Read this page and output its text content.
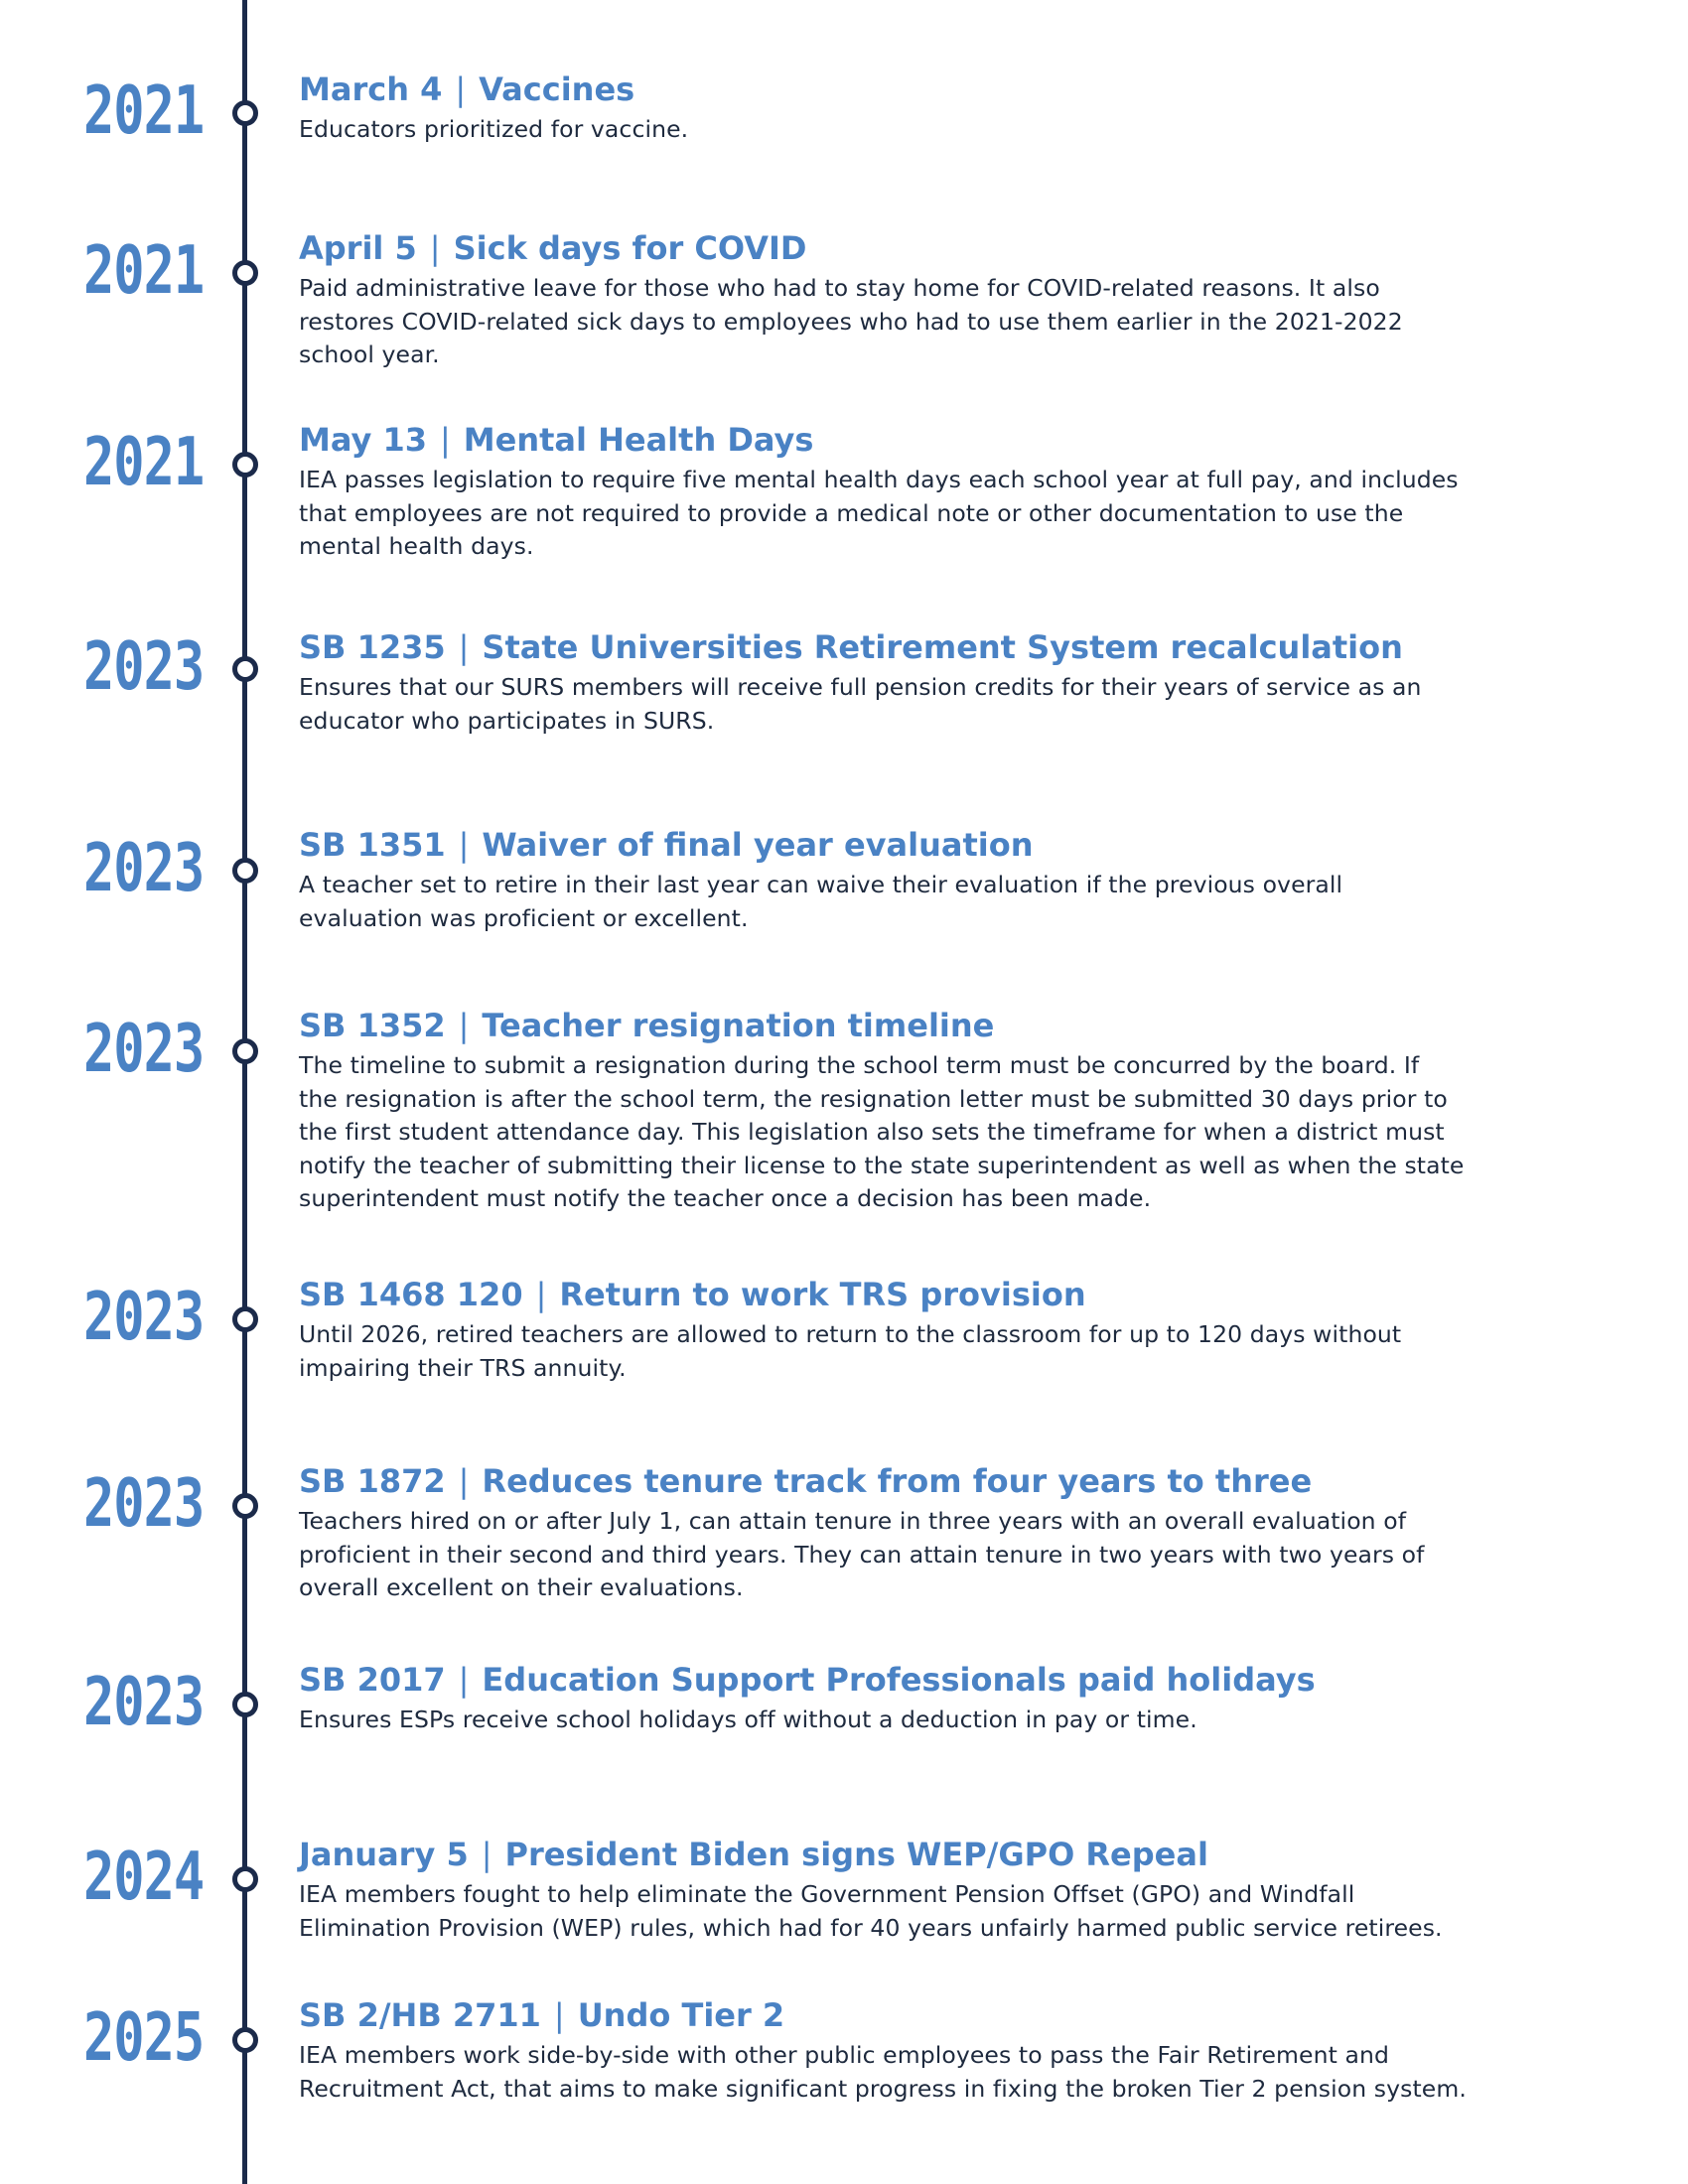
2021	March 4 | Vaccines
Educators prioritized for vaccine.
2021	April 5 | Sick days for COVID
Paid administrative leave for those who had to stay home for COVID-related reasons. It also
restores COVID-related sick days to employees who had to use them earlier in the 2021-2022
school year.
2021	May 13 | Mental Health Days
IEA passes legislation to require five mental health days each school year at full pay, and includes
that employees are not required to provide a medical note or other documentation to use the
mental health days.
2023	SB 1235 | State Universities Retirement System recalculation
Ensures that our SURS members will receive full pension credits for their years of service as an
educator who participates in SURS.
2023	SB 1351 | Waiver of final year evaluation
A teacher set to retire in their last year can waive their evaluation if the previous overall
evaluation was proficient or excellent.
2023	SB 1352 | Teacher resignation timeline
The timeline to submit a resignation during the school term must be concurred by the board. If
the resignation is after the school term, the resignation letter must be submitted 30 days prior to
the first student attendance day. This legislation also sets the timeframe for when a district must
notify the teacher of submitting their license to the state superintendent as well as when the state
superintendent must notify the teacher once a decision has been made.
2023	SB 1468 120 | Return to work TRS provision
Until 2026, retired teachers are allowed to return to the classroom for up to 120 days without
impairing their TRS annuity.
2023	SB 1872 | Reduces tenure track from four years to three
Teachers hired on or after July 1, can attain tenure in three years with an overall evaluation of
proficient in their second and third years. They can attain tenure in two years with two years of
overall excellent on their evaluations.
2023	SB 2017 | Education Support Professionals paid holidays
Ensures ESPs receive school holidays off without a deduction in pay or time.
2024	January 5 | President Biden signs WEP/GPO Repeal
IEA members fought to help eliminate the Government Pension Offset (GPO) and Windfall
Elimination Provision (WEP) rules, which had for 40 years unfairly harmed public service retirees.
2025	SB 2/HB 2711 | Undo Tier 2
IEA members work side-by-side with other public employees to pass the Fair Retirement and
Recruitment Act, that aims to make significant progress in fixing the broken Tier 2 pension system.
